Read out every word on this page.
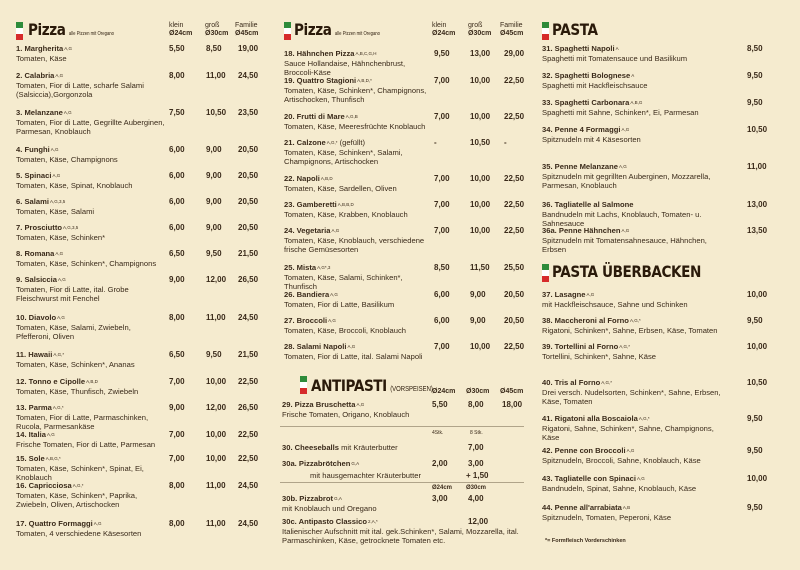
Pizza alle Pizzen mit Oregano
klein
Ø24cm
groß
Ø30cm
Familie
Ø45cm
1. Margherita$^{A,G}$
Tomaten, Käse
5,50	8,50 19,00
2. Calabria$^{A,G}$
Tomaten, Fior di Latte, scharfe Salami (Salsiccia),Gorgonzola
8,00	11,00 24,50
3. Melanzane$^{A,G}$
Tomaten, Fior di Latte, Gegrillte Auberginen, Parmesan, Knoblauch
7,50	10,50 23,50
4. Funghi$^{A,G}$
Tomaten, Käse, Champignons
6,00	9,00 20,50
5. Spinaci$^{A,G}$
Tomaten, Käse, Spinat, Knoblauch
6,00	9,00 20,50
6. Salami$^{A,G,3,5}$
Tomaten, Käse, Salami
6,00	9,00 20,50
7. Prosciutto$^{A,G,3,5}$
Tomaten, Käse, Schinken*
6,00	9,00 20,50
8. Romana$^{A,G}$
Tomaten, Käse, Schinken*, Champignons
6,50	9,50 21,50
9. Salsiccia$^{A,G}$
Tomaten, Fior di Latte, ital. Grobe Fleischwurst mit Fenchel
9,00	12,00 26,50
10. Diavolo$^{A,G}$
Tomaten, Käse, Salami, Zwiebeln, Pfefferoni, Oliven
8,00	11,00 24,50
11. Hawaii$^{A,G,*}$
Tomaten, Käse, Schinken*, Ananas
6,50	9,50 21,50
12. Tonno e Cipolle$^{A,B,D}$
Tomaten, Käse, Thunfisch, Zwiebeln
7,00	10,00 22,50
13. Parma$^{A,G,*}$
Tomaten, Fior di Latte, Parmaschinken, Rucola, Parmesankäse
9,00	12,00 26,50
14. Italia$^{A,G}$
Frische Tomaten, Fior di Latte, Parmesan
7,00	10,00 22,50
15. Sole$^{A,B,G,*}$
Tomaten, Käse, Schinken*, Spinat, Ei, Knoblauch
7,00	10,00 22,50
16. Capricciosa$^{A,G,*}$
Tomaten, Käse, Schinken*, Paprika, Zwiebeln, Oliven, Artischocken
8,00	11,00 24,50
17. Quattro Formaggi$^{A,G}$
Tomaten, 4 verschiedene Käsesorten
8,00	11,00 24,50
Pizza alle Pizzen mit Oregano
klein
Ø24cm
groß
Ø30cm
Familie
Ø45cm
18. Hähnchen Pizza$^{A,B,C,G,H}$
Sauce Hollandaise, Hähnchenbrust, Broccoli-Käse
9,50	13,00 29,00
19. Quattro Stagioni$^{A,B,D,*}$
Tomaten, Käse, Schinken*, Champignons, Artischocken, Thunfisch
7,00	10,00 22,50
20. Frutti di Mare$^{A,G,B}$
Tomaten, Käse, Meeresfrüchte Knoblauch
7,00	10,00 22,50
21. Calzone$^{A,G,*}$ (gefüllt)
Tomaten, Käse, Schinken*, Salami, Champignons, Artischocken
-	10,50 -
22. Napoli$^{A,B,D}$
Tomaten, Käse, Sardellen, Oliven
7,00	10,00 22,50
23. Gamberetti$^{A,B,B,D}$
Tomaten, Käse, Krabben, Knoblauch
7,00	10,00 22,50
24. Vegetaria$^{A,G}$
Tomaten, Käse, Knoblauch, verschiedene frische Gemüsesorten
7,00	10,00 22,50
25. Mista$^{A,G*,3}$
Tomaten, Käse, Salami, Schinken*, Thunfisch
8,50	11,50 25,50
26. Bandiera$^{A,G}$
Tomaten, Fior di Latte, Basilikum
6,00	9,00 20,50
27. Broccoli$^{A,G}$
Tomaten, Käse, Broccoli, Knoblauch
6,00	9,00 20,50
28. Salami Napoli$^{A,G}$
Tomaten, Fior di Latte, ital. Salami Napoli
7,00	10,00 22,50
ANTIPASTI (VORSPEISEN) Ø24cm Ø30cm Ø45cm
29. Pizza Bruschetta$^{A,G}$
Frische Tomaten, Origano, Knoblauch
5,50	8,00 18,00
4Stk.	8 Stk.
30. Cheeseballs mit Kräuterbutter	7,00
30a. Pizzabrötchen$^{G,A}$	2,00	3,00
mit hausgemachter Kräuterbutter	+ 1,50
Ø24cm Ø30cm
30b. Pizzabrot$^{G,A}$
mit Knoblauch und Oregano
3,00	4,00
30c. Antipasto Classico$^{2,A,*}$
Italienischer Aufschnitt mit ital. gek.Schinken*, Salami, Mozzarella, ital. Parmaschinken, Käse, getrocknete Tomaten etc.
12,00
PASTA
31. Spaghetti Napoli$^A$
Spaghetti mit Tomatensauce und Basilikum
8,50
32. Spaghetti Bolognese$^A$
Spaghetti mit Hackfleischsauce
9,50
33. Spaghetti Carbonara$^{A,B,G}$
Spaghetti mit Sahne, Schinken*, Ei, Parmesan
9,50
34. Penne 4 Formaggi$^{A,G}$
Spitznudeln mit 4 Käsesorten
10,50
35. Penne Melanzane$^{A,G}$
Spitznudeln mit gegrillten Auberginen, Mozzarella, Parmesan, Knoblauch
11,00
36. Tagliatelle al Salmone
Bandnudeln mit Lachs, Knoblauch, Tomaten- u. Sahnesauce
13,00
36a. Penne Hähnchen$^{A,G}$
Spitznudeln mit Tomatensahnesauce, Hähnchen, Erbsen
13,50
PASTA ÜBERBACKEN
37. Lasagne$^{A,G}$
mit Hackfleischsauce, Sahne und Schinken
10,00
38. Maccheroni al Forno$^{A,G,*}$
Rigatoni, Schinken*, Sahne, Erbsen, Käse, Tomaten
9,50
39. Tortellini al Forno$^{A,G,*}$
Tortellini, Schinken*, Sahne, Käse
10,00
40. Tris al Forno$^{A,G,*}$
Drei versch. Nudelsorten, Schinken*, Sahne, Erbsen, Käse, Tomaten
10,50
41. Rigatoni alla Boscaiola$^{A,G,*}$
Rigatoni, Sahne, Schinken*, Sahne, Champignons, Käse
9,50
42. Penne con Broccoli$^{A,G}$
Spitznudeln, Broccoli, Sahne, Knoblauch, Käse
9,50
43. Tagliatelle con Spinaci$^{A,G}$
Bandnudeln, Spinat, Sahne, Knoblauch, Käse
10,00
44. Penne all'arrabiata$^{A,B}$
Spitznudeln, Tomaten, Peperoni, Käse
9,50
*= Formfleisch Vorderschinken
